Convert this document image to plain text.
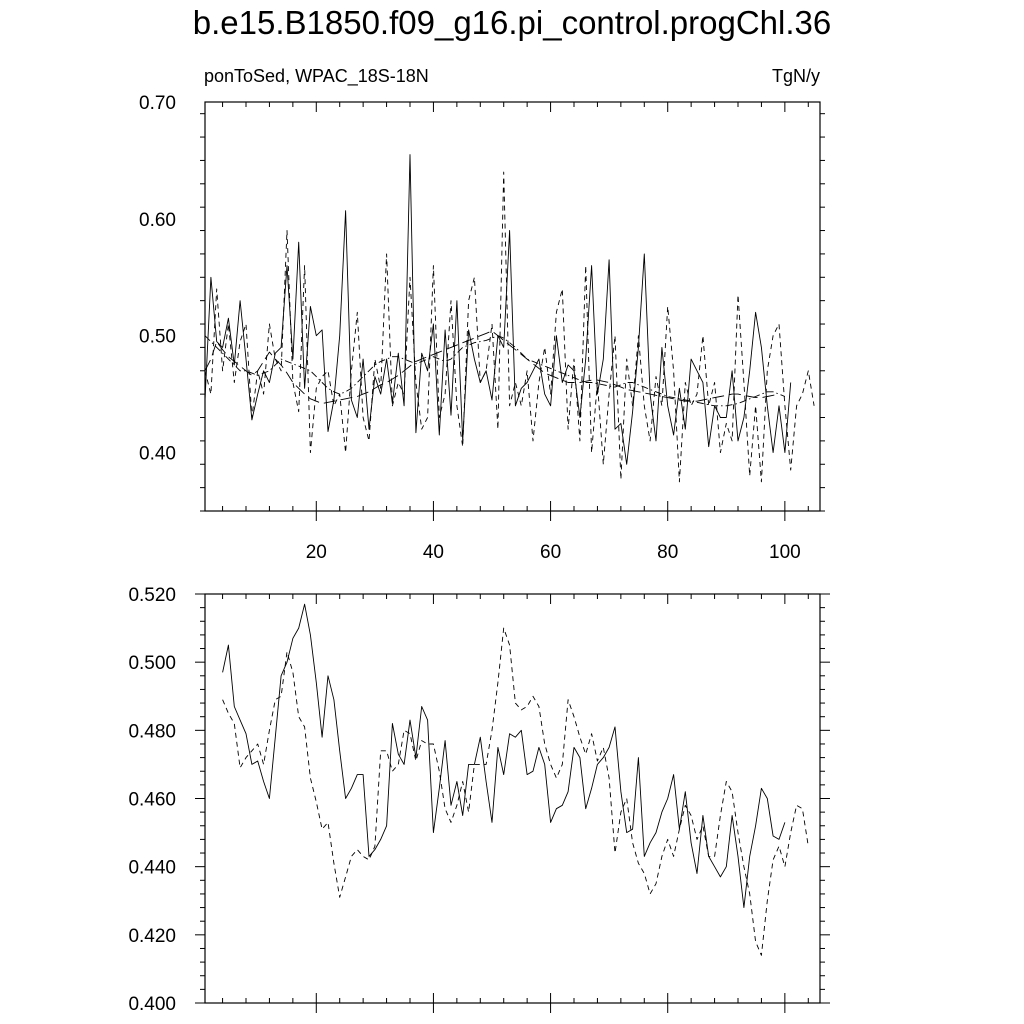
b.e15.B1850.f09_g16.pi_control.progChl.36
ponToSed, WPAC_18S-18N	TgN/y
20	40	60	80	100
0.40
0.50
0.60
0.70
0.400
0.420
0.440
0.460
0.480
0.500
0.520
